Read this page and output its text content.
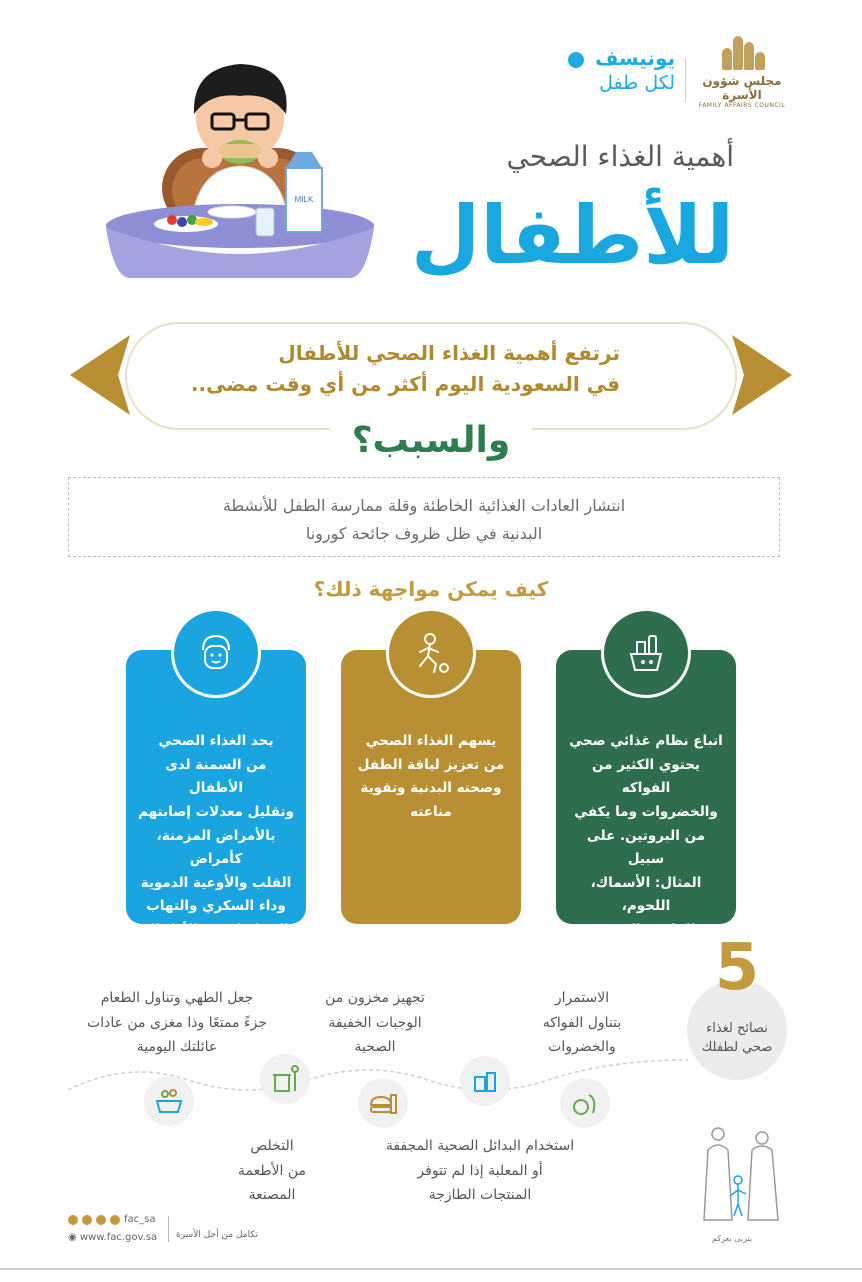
مجلس شؤون الأسرة
FAMILY AFFAIRS COUNCIL
يونيسف
لكل طفل
أهمية الغذاء الصحي
للأطفال
MILK
ترتفع أهمية الغذاء الصحي للأطفال
في السعودية اليوم أكثر من أي وقت مضى..
والسبب؟
انتشار العادات الغذائية الخاطئة وقلة ممارسة الطفل للأنشطة
البدنية في ظل ظروف جائحة كورونا
كيف يمكن مواجهة ذلك؟
اتباع نظام غذائي صحي
يحتوي الكثير من الفواكه
والخضروات وما يكفي
من البروتين. على سبيل
المثال: الأسماك، اللحوم،
الحليب، البيض، والفاصوليا
والحبوب مثل:
«الخبز والأرز والشوفان»
يسهم الغذاء الصحي
من تعزيز لياقة الطفل
وصحته البدنية وتقوية
مناعته
يحد الغذاء الصحي
من السمنة لدى الأطفال
وتقليل معدلات إصابتهم
بالأمراض المزمنة، كأمراض
القلب والأوعية الدموية
وداء السكري والتهاب
المفاصل بين الأطفال
5
نصائح لغذاء
صحي لطفلك
الاستمرار
بتناول الفواكه
والخضروات
تجهيز مخزون من
الوجبات الخفيفة
الصحية
جعل الطهي وتناول الطعام
جزءً ممتعًا وذا مغزى من عادات
عائلتك اليومية
استخدام البدائل الصحية المجففة
أو المعلبة إذا لم تتوفر
المنتجات الطازجة
التخلص
من الأطعمة
المصنعة
بتربى بعزكم
fac_sa
◉ www.fac.gov.sa تكامل من أجل الأسرة
